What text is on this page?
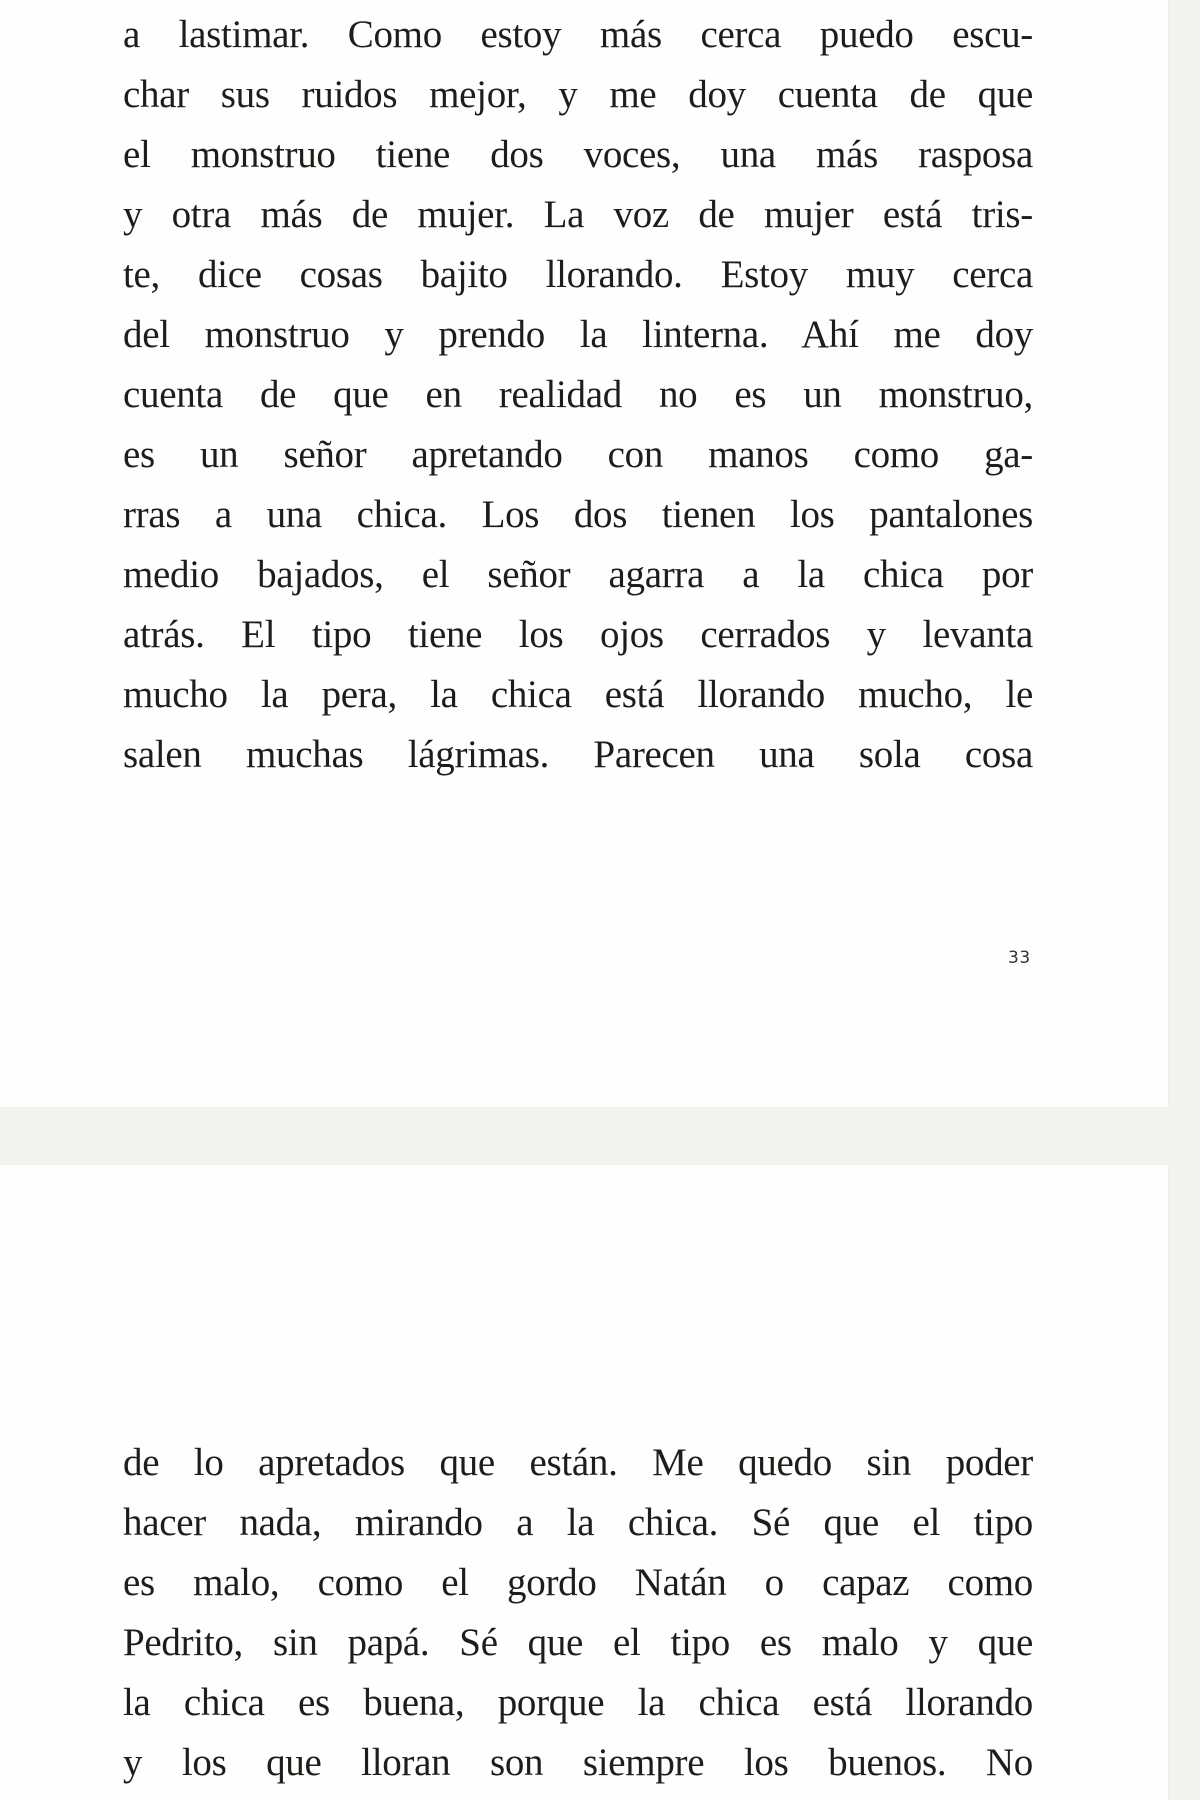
a lastimar. Como estoy más cerca puedo escu-
char sus ruidos mejor, y me doy cuenta de que
el monstruo tiene dos voces, una más rasposa
y otra más de mujer. La voz de mujer está tris-
te, dice cosas bajito llorando. Estoy muy cerca
del monstruo y prendo la linterna. Ahí me doy
cuenta de que en realidad no es un monstruo,
es un señor apretando con manos como ga-
rras a una chica. Los dos tienen los pantalones
medio bajados, el señor agarra a la chica por
atrás. El tipo tiene los ojos cerrados y levanta
mucho la pera, la chica está llorando mucho, le
salen muchas lágrimas. Parecen una sola cosa
33
de lo apretados que están. Me quedo sin poder
hacer nada, mirando a la chica. Sé que el tipo
es malo, como el gordo Natán o capaz como
Pedrito, sin papá. Sé que el tipo es malo y que
la chica es buena, porque la chica está llorando
y los que lloran son siempre los buenos. No
